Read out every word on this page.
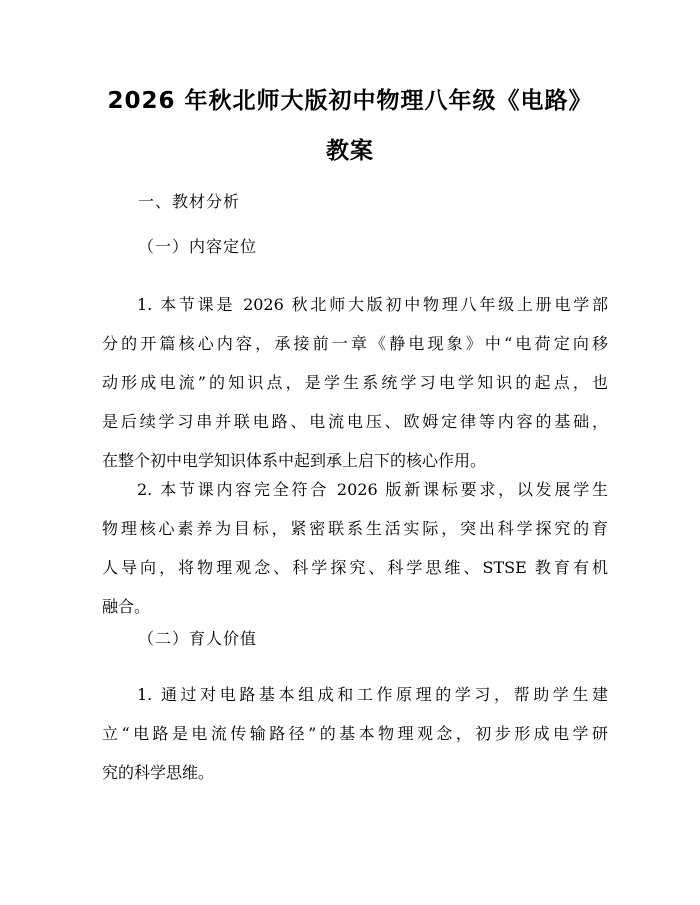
2026 年秋北师大版初中物理八年级《电路》
教案
一、教材分析
（一）内容定位
1. 本节课是 2026 秋北师大版初中物理八年级上册电学部
分的开篇核心内容，承接前一章《静电现象》中“电荷定向移
动形成电流”的知识点，是学生系统学习电学知识的起点，也
是后续学习串并联电路、电流电压、欧姆定律等内容的基础，
在整个初中电学知识体系中起到承上启下的核心作用。
2. 本节课内容完全符合 2026 版新课标要求，以发展学生
物理核心素养为目标，紧密联系生活实际，突出科学探究的育
人导向，将物理观念、科学探究、科学思维、STSE 教育有机
融合。
（二）育人价值
1. 通过对电路基本组成和工作原理的学习，帮助学生建
立“电路是电流传输路径”的基本物理观念，初步形成电学研
究的科学思维。
